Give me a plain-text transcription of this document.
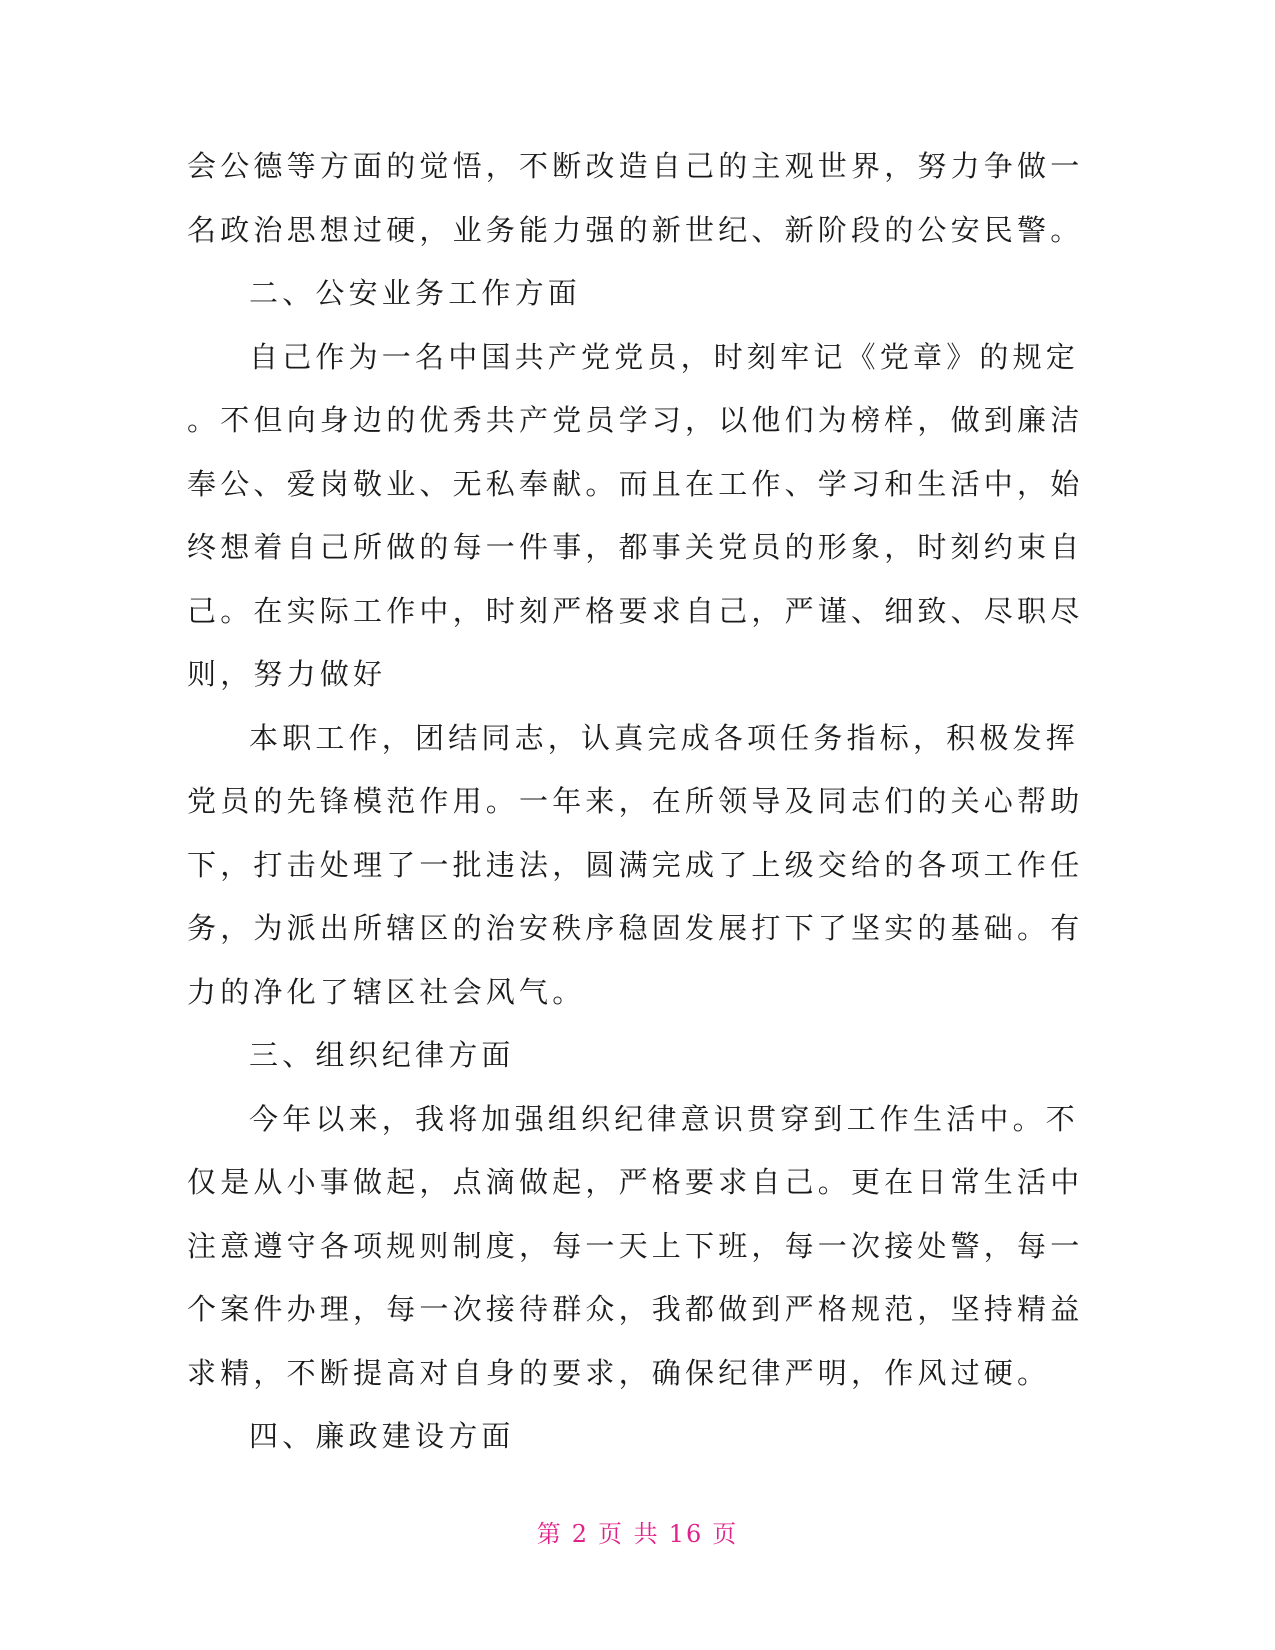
会公德等方面的觉悟，不断改造自己的主观世界，努力争做一
名政治思想过硬，业务能力强的新世纪、新阶段的公安民警。
二、公安业务工作方面
自己作为一名中国共产党党员，时刻牢记《党章》的规定
。不但向身边的优秀共产党员学习，以他们为榜样，做到廉洁
奉公、爱岗敬业、无私奉献。而且在工作、学习和生活中，始
终想着自己所做的每一件事，都事关党员的形象，时刻约束自
己。在实际工作中，时刻严格要求自己，严谨、细致、尽职尽
则，努力做好
本职工作，团结同志，认真完成各项任务指标，积极发挥
党员的先锋模范作用。一年来，在所领导及同志们的关心帮助
下，打击处理了一批违法，圆满完成了上级交给的各项工作任
务，为派出所辖区的治安秩序稳固发展打下了坚实的基础。有
力的净化了辖区社会风气。
三、组织纪律方面
今年以来，我将加强组织纪律意识贯穿到工作生活中。不
仅是从小事做起，点滴做起，严格要求自己。更在日常生活中
注意遵守各项规则制度，每一天上下班，每一次接处警，每一
个案件办理，每一次接待群众，我都做到严格规范，坚持精益
求精，不断提高对自身的要求，确保纪律严明，作风过硬。
四、廉政建设方面
第 2 页 共 16 页
